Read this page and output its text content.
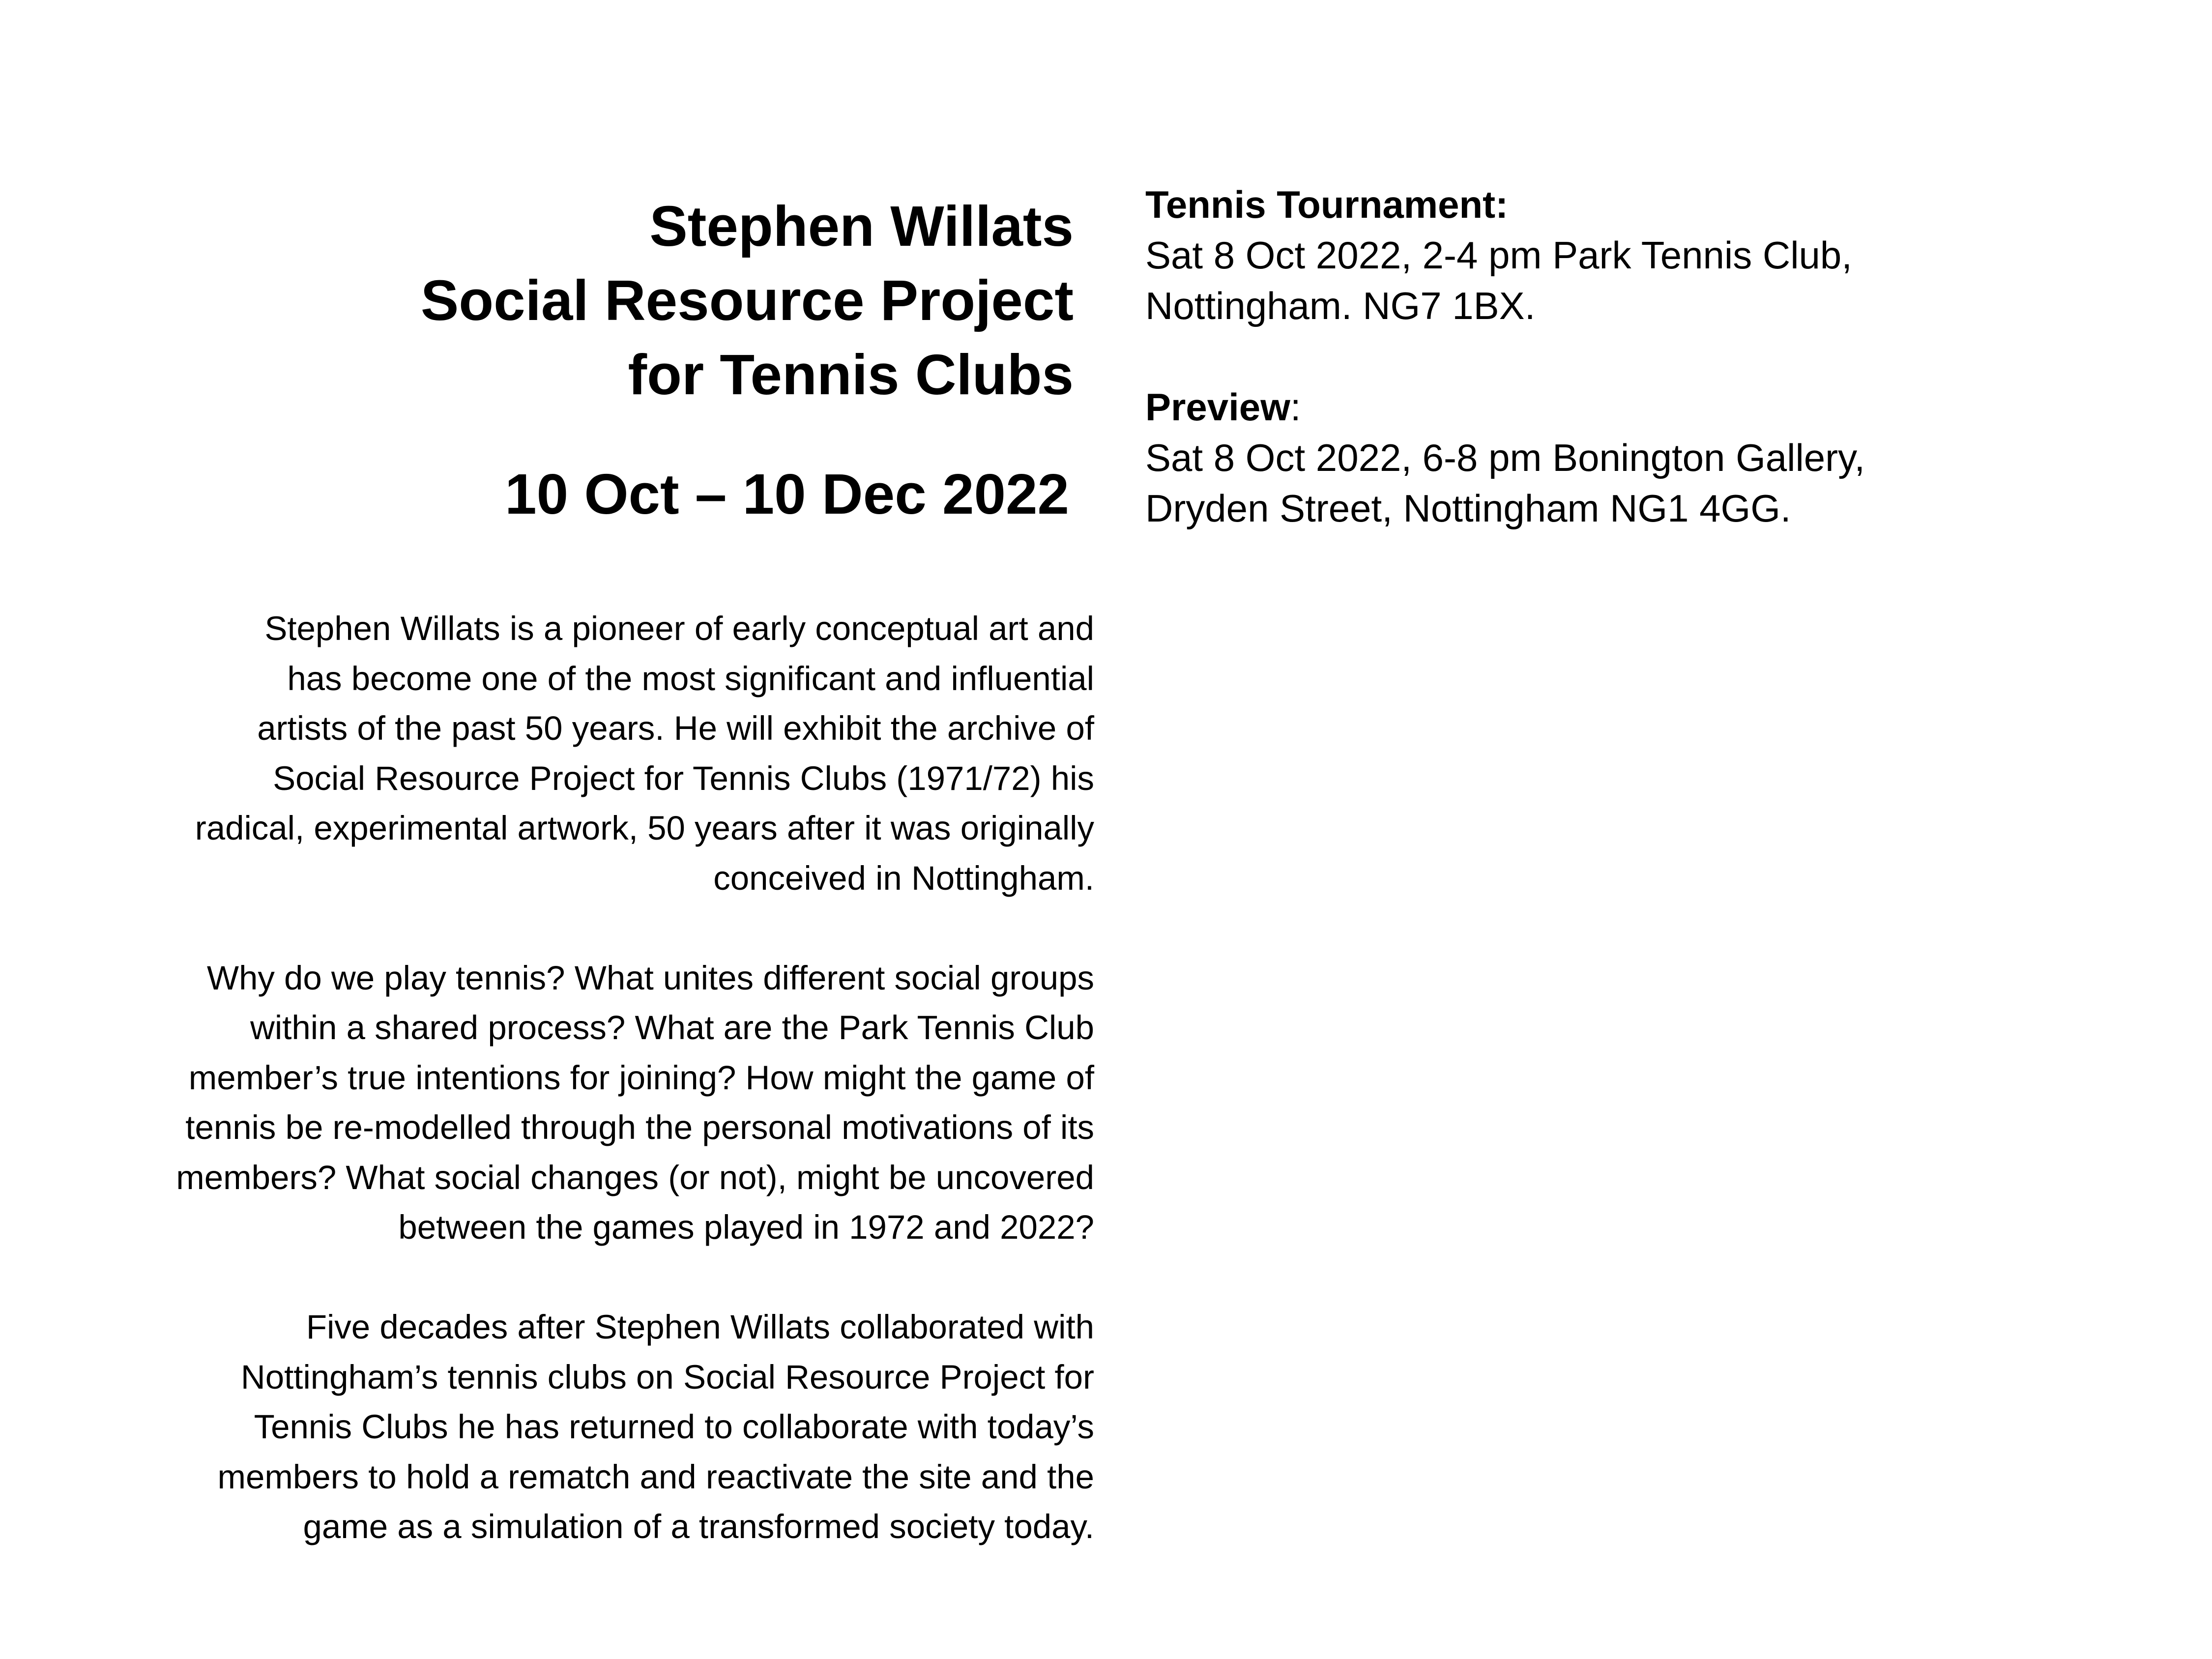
Stephen Willats
Social Resource Project
for Tennis Clubs
10 Oct – 10 Dec 2022
Stephen Willats is a pioneer of early conceptual art and
has become one of the most significant and influential
artists of the past 50 years. He will exhibit the archive of
Social Resource Project for Tennis Clubs (1971/72) his
radical, experimental artwork, 50 years after it was originally
conceived in Nottingham.
Why do we play tennis? What unites different social groups
within a shared process? What are the Park Tennis Club
member’s true intentions for joining? How might the game of
tennis be re-modelled through the personal motivations of its
members? What social changes (or not), might be uncovered
between the games played in 1972 and 2022?
Five decades after Stephen Willats collaborated with
Nottingham’s tennis clubs on Social Resource Project for
Tennis Clubs he has returned to collaborate with today’s
members to hold a rematch and reactivate the site and the
game as a simulation of a transformed society today.
Tennis Tournament:
Sat 8 Oct 2022, 2-4 pm Park Tennis Club,
Nottingham. NG7 1BX.
Preview:
Sat 8 Oct 2022, 6-8 pm Bonington Gallery,
Dryden Street, Nottingham NG1 4GG.
